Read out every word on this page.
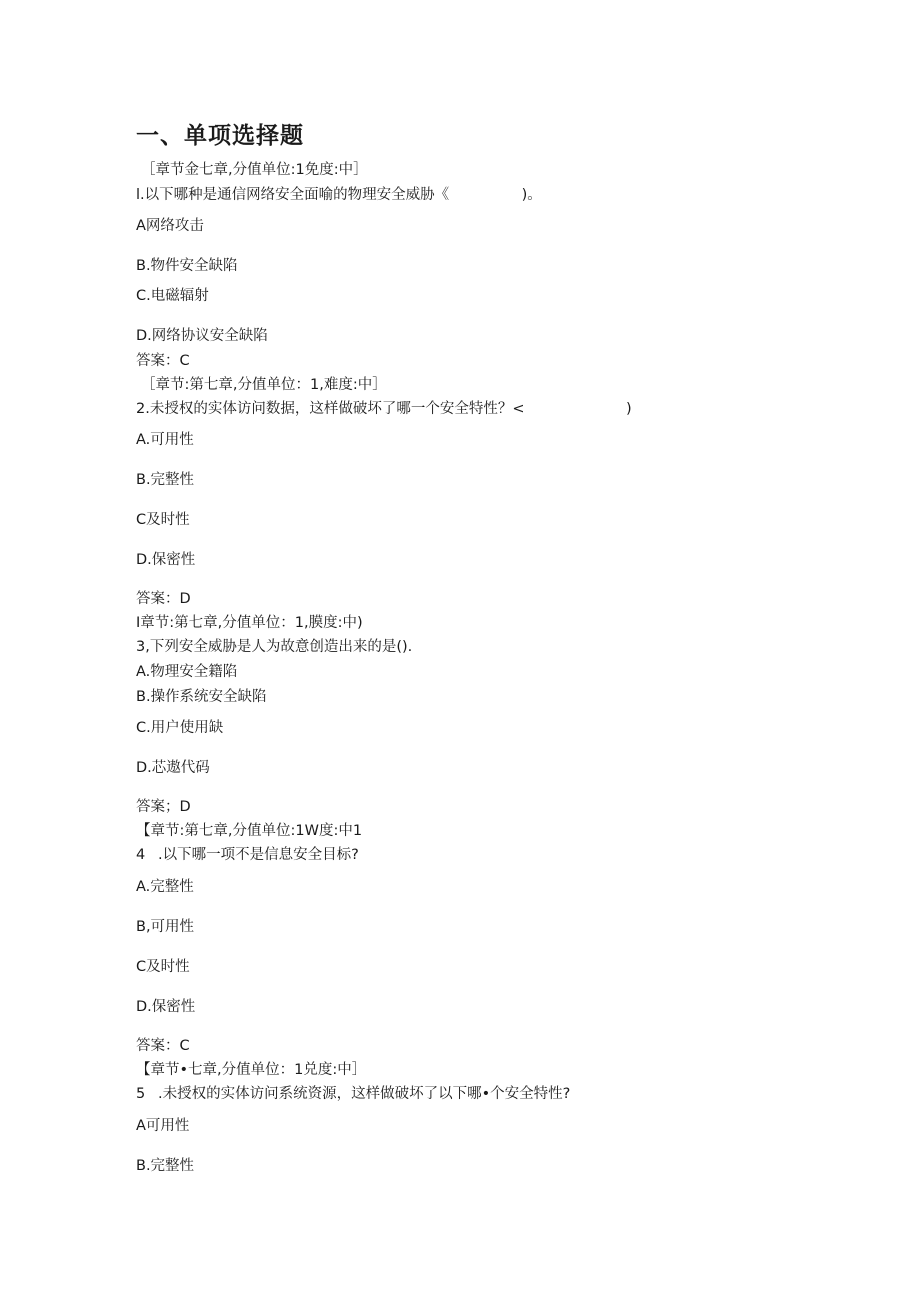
一、单项选择题
［章节金七章,分值单位:1免度:中］
l.以下哪种是通信网络安全面喻的物理安全威胁《　　　　　)。
A网络攻击
B.物件安全缺陷
C.电磁辐射
D.网络协议安全缺陷
答案：C
［章节:第七章,分值单位：1,难度:中］
2.未授权的实体访问数据，这样做破坏了哪一个安全特性？<　　　　　　　)
A.可用性
B.完整性
C及时性
D.保密性
答案：D
I章节:第七章,分值单位：1,膜度:中)
3,下列安全威胁是人为故意创造出来的是().
A.物理安全籍陷
B.操作系统安全缺陷
C.用户使用缺
D.芯遨代码
答案；D
【章节:第七章,分值单位:1W度:中1
4 .以下哪一项不是信息安全目标?
A.完整性
B,可用性
C及时性
D.保密性
答案：C
【章节•七章,分值单位：1兑度:中］
5 .未授权的实体访问系统资源，这样做破坏了以下哪•个安全特性?
A可用性
B.完整性
